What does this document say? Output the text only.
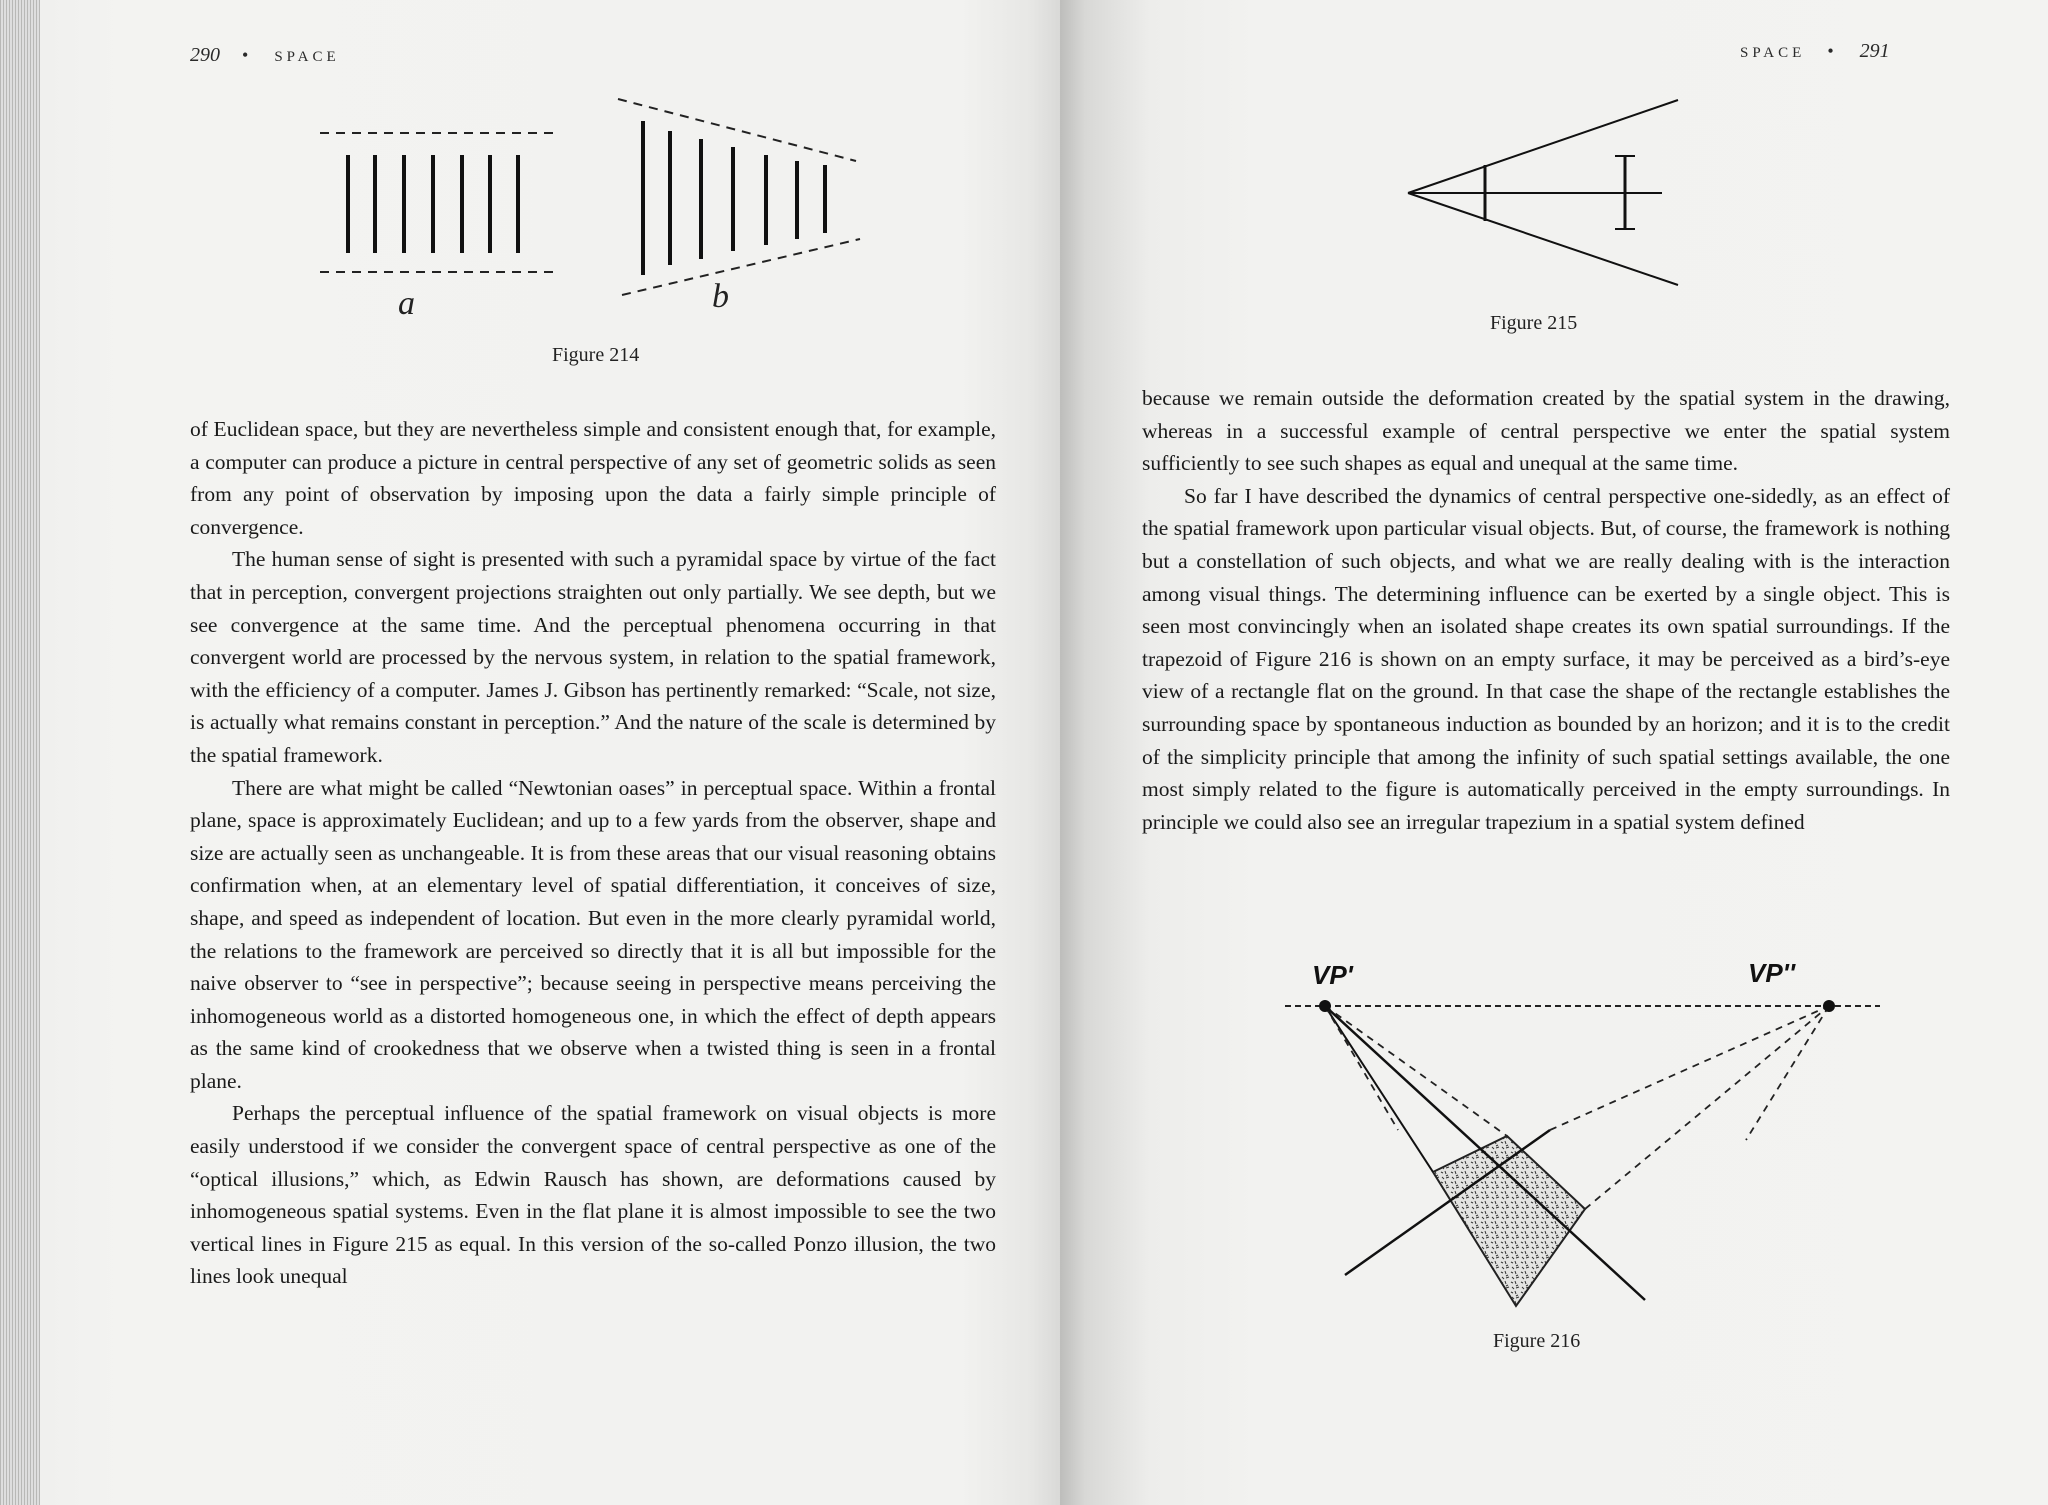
290 • SPACE
a	b
Figure 214

of Euclidean space, but they are nevertheless simple and consistent enough that, for example, a computer can produce a picture in central perspective of any set of geometric solids as seen from any point of observation by imposing upon the data a fairly simple principle of convergence.

The human sense of sight is presented with such a pyramidal space by virtue of the fact that in perception, convergent projections straighten out only partially. We see depth, but we see convergence at the same time. And the perceptual phenomena occurring in that convergent world are processed by the nervous system, in relation to the spatial framework, with the efficiency of a computer. James J. Gibson has pertinently remarked: “Scale, not size, is actually what remains constant in perception.” And the nature of the scale is determined by the spatial framework.

There are what might be called “Newtonian oases” in perceptual space. Within a frontal plane, space is approximately Euclidean; and up to a few yards from the observer, shape and size are actually seen as unchangeable. It is from these areas that our visual reasoning obtains confirmation when, at an elementary level of spatial differentiation, it conceives of size, shape, and speed as independent of location. But even in the more clearly pyramidal world, the relations to the framework are perceived so directly that it is all but impossible for the naive observer to “see in perspective”; because seeing in perspective means perceiving the inhomogeneous world as a distorted homogeneous one, in which the effect of depth appears as the same kind of crookedness that we observe when a twisted thing is seen in a frontal plane.

Perhaps the perceptual influence of the spatial framework on visual objects is more easily understood if we consider the convergent space of central perspective as one of the “optical illusions,” which, as Edwin Rausch has shown, are deformations caused by inhomogeneous spatial systems. Even in the flat plane it is almost impossible to see the two vertical lines in Figure 215 as equal. In this version of the so-called Ponzo illusion, the two lines look unequal

SPACE • 291
Figure 215

because we remain outside the deformation created by the spatial system in the drawing, whereas in a successful example of central perspective we enter the spatial system sufficiently to see such shapes as equal and unequal at the same time.

So far I have described the dynamics of central perspective one-sidedly, as an effect of the spatial framework upon particular visual objects. But, of course, the framework is nothing but a constellation of such objects, and what we are really dealing with is the interaction among visual things. The determining influence can be exerted by a single object. This is seen most convincingly when an isolated shape creates its own spatial surroundings. If the trapezoid of Figure 216 is shown on an empty surface, it may be perceived as a bird’s-eye view of a rectangle flat on the ground. In that case the shape of the rectangle establishes the surrounding space by spontaneous induction as bounded by an horizon; and it is to the credit of the simplicity principle that among the infinity of such spatial settings available, the one most simply related to the figure is automatically perceived in the empty surroundings. In principle we could also see an irregular trapezium in a spatial system defined

VP'	VP''
Figure 216
